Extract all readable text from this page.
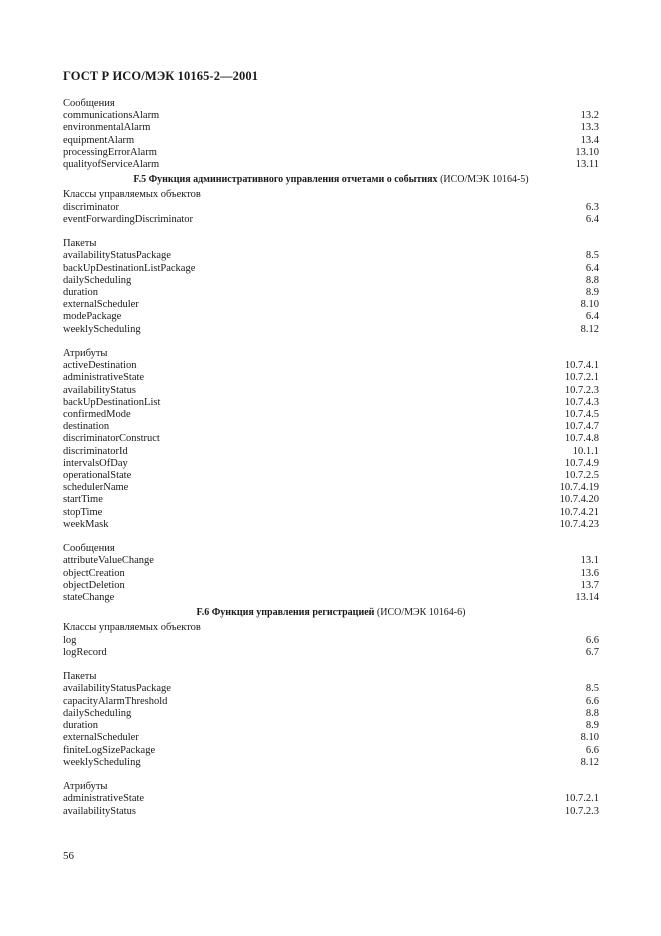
ГОСТ Р ИСО/МЭК 10165-2—2001
Сообщения
communicationsAlarm	13.2
environmentalAlarm	13.3
equipmentAlarm	13.4
processingErrorAlarm	13.10
qualityofServiceAlarm	13.11
F.5 Функция административного управления отчетами о событиях (ИСО/МЭК 10164-5)
Классы управляемых объектов
discriminator	6.3
eventForwardingDiscriminator	6.4
Пакеты
availabilityStatusPackage	8.5
backUpDestinationListPackage	6.4
dailyScheduling	8.8
duration	8.9
externalScheduler	8.10
modePackage	6.4
weeklyScheduling	8.12
Атрибуты
activeDestination	10.7.4.1
administrativeState	10.7.2.1
availabilityStatus	10.7.2.3
backUpDestinationList	10.7.4.3
confirmedMode	10.7.4.5
destination	10.7.4.7
discriminatorConstruct	10.7.4.8
discriminatorId	10.1.1
intervalsOfDay	10.7.4.9
operationalState	10.7.2.5
schedulerName	10.7.4.19
startTime	10.7.4.20
stopTime	10.7.4.21
weekMask	10.7.4.23
Сообщения
attributeValueChange	13.1
objectCreation	13.6
objectDeletion	13.7
stateChange	13.14
F.6 Функция управления регистрацией (ИСО/МЭК 10164-6)
Классы управляемых объектов
log	6.6
logRecord	6.7
Пакеты
availabilityStatusPackage	8.5
capacityAlarmThreshold	6.6
dailyScheduling	8.8
duration	8.9
externalScheduler	8.10
finiteLogSizePackage	6.6
weeklyScheduling	8.12
Атрибуты
administrativeState	10.7.2.1
availabilityStatus	10.7.2.3
56
